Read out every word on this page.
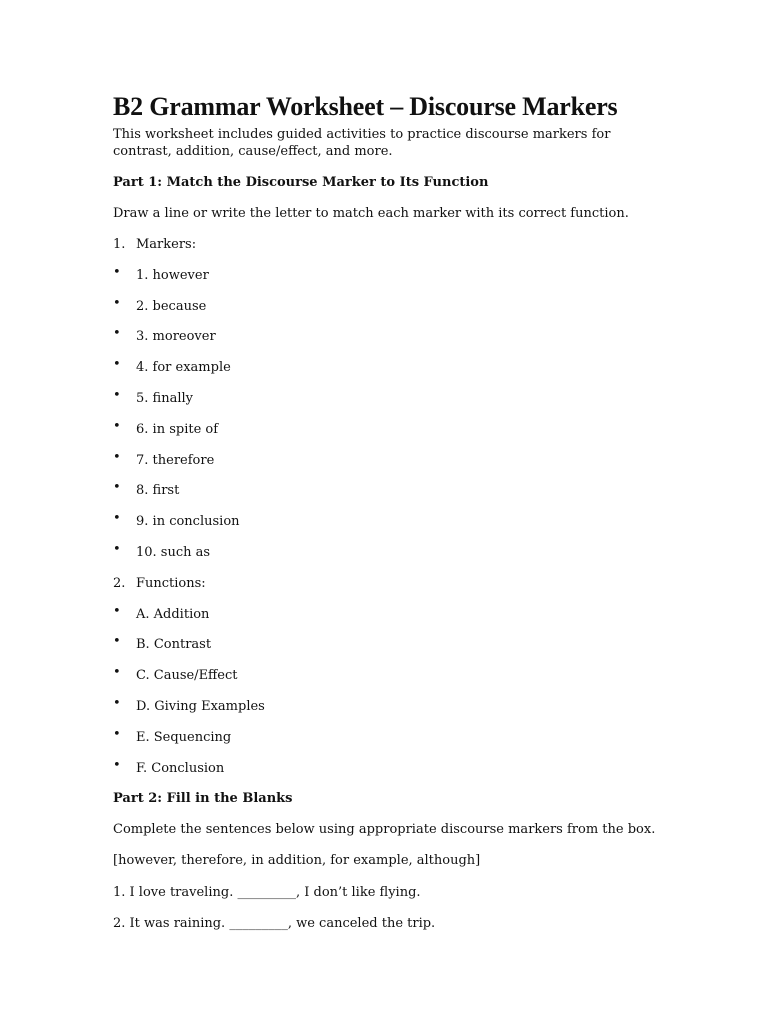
B2 Grammar Worksheet – Discourse Markers

This worksheet includes guided activities to practice discourse markers for contrast, addition, cause/effect, and more.

Part 1: Match the Discourse Marker to Its Function

Draw a line or write the letter to match each marker with its correct function.

1. Markers:
• 1. however
• 2. because
• 3. moreover
• 4. for example
• 5. finally
• 6. in spite of
• 7. therefore
• 8. first
• 9. in conclusion
• 10. such as
2. Functions:
• A. Addition
• B. Contrast
• C. Cause/Effect
• D. Giving Examples
• E. Sequencing
• F. Conclusion

Part 2: Fill in the Blanks

Complete the sentences below using appropriate discourse markers from the box.

[however, therefore, in addition, for example, although]

1. I love traveling. _________, I don’t like flying.

2. It was raining. _________, we canceled the trip.
